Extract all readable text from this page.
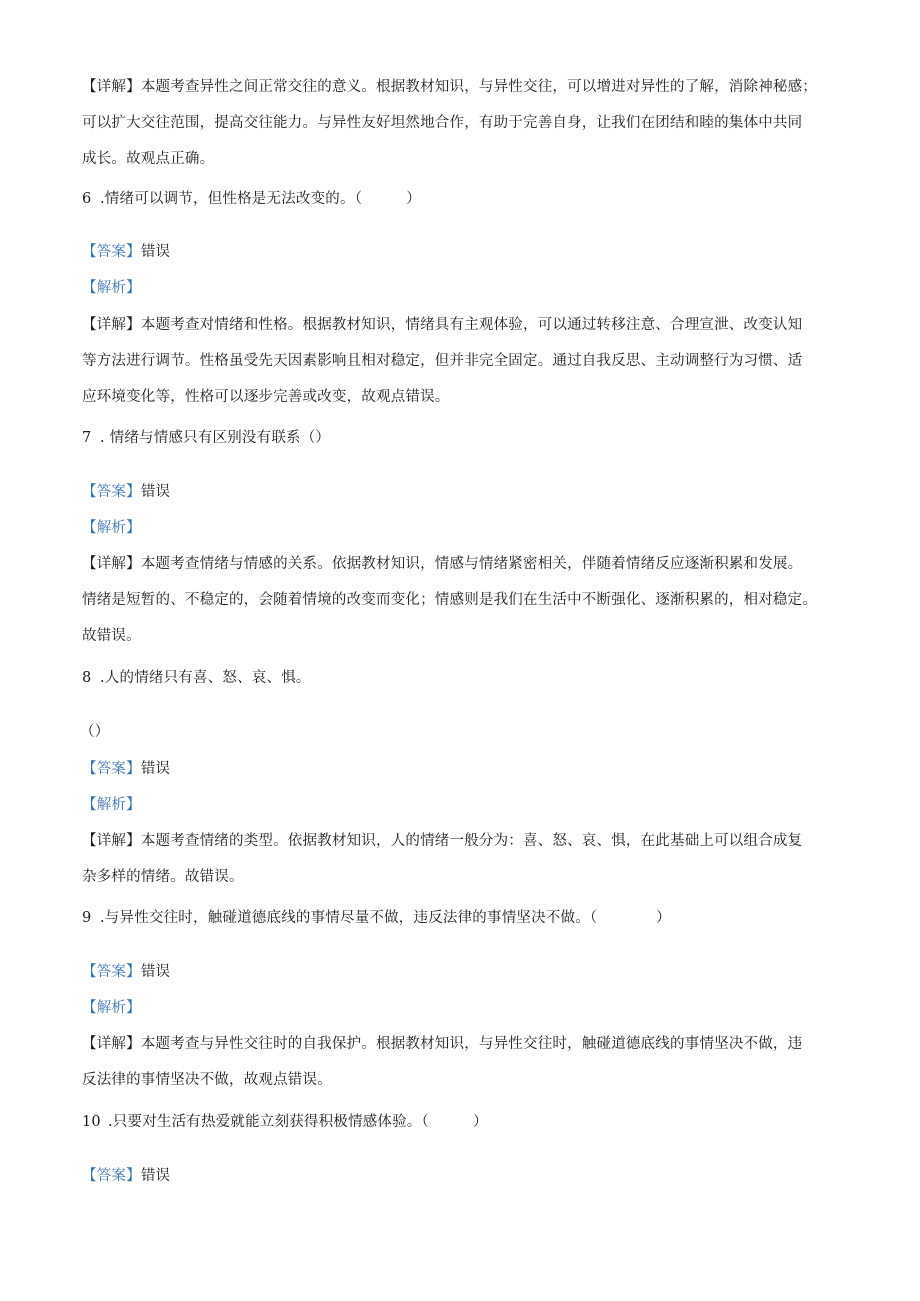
【详解】本题考查异性之间正常交往的意义。根据教材知识，与异性交往，可以增进对异性的了解，消除神秘感；
可以扩大交往范围，提高交往能力。与异性友好坦然地合作，有助于完善自身，让我们在团结和睦的集体中共同
成长。故观点正确。
6 .情绪可以调节，但性格是无法改变的。（　　　）
【答案】错误
【解析】
【详解】本题考查对情绪和性格。根据教材知识，情绪具有主观体验，可以通过转移注意、合理宣泄、改变认知
等方法进行调节。性格虽受先天因素影响且相对稳定，但并非完全固定。通过自我反思、主动调整行为习惯、适
应环境变化等，性格可以逐步完善或改变，故观点错误。
7 . 情绪与情感只有区别没有联系（）
【答案】错误
【解析】
【详解】本题考查情绪与情感的关系。依据教材知识，情感与情绪紧密相关，伴随着情绪反应逐渐积累和发展。
情绪是短暂的、不稳定的，会随着情境的改变而变化；情感则是我们在生活中不断强化、逐渐积累的，相对稳定。
故错误。
8 .人的情绪只有喜、怒、哀、惧。
（）
【答案】错误
【解析】
【详解】本题考查情绪的类型。依据教材知识，人的情绪一般分为：喜、怒、哀、惧，在此基础上可以组合成复
杂多样的情绪。故错误。
9 .与异性交往时，触碰道德底线的事情尽量不做，违反法律的事情坚决不做。（　　　　）
【答案】错误
【解析】
【详解】本题考查与异性交往时的自我保护。根据教材知识，与异性交往时，触碰道德底线的事情坚决不做，违
反法律的事情坚决不做，故观点错误。
10 .只要对生活有热爱就能立刻获得积极情感体验。（　　　）
【答案】错误
